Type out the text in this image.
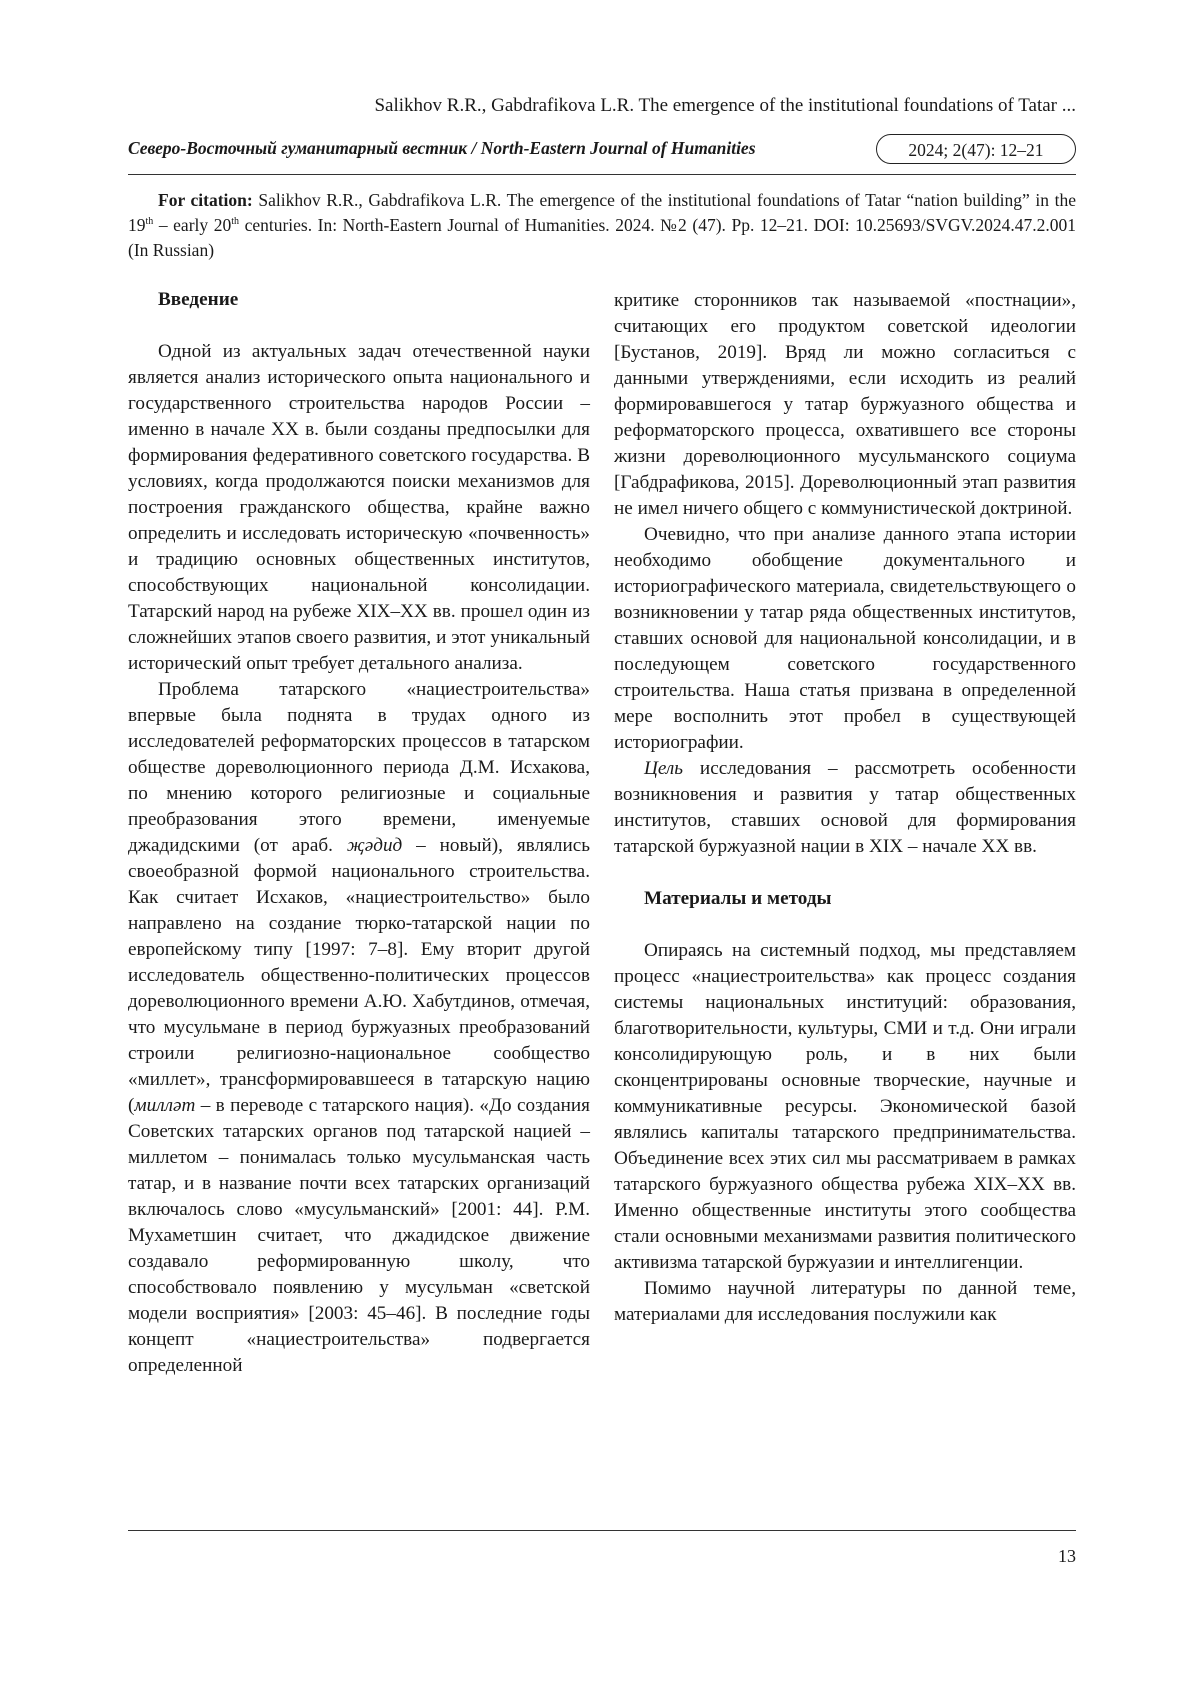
Salikhov R.R., Gabdrafikova L.R. The emergence of the institutional foundations of Tatar ...
Северо-Восточный гуманитарный вестник / North-Eastern Journal of Humanities	2024; 2(47): 12–21
For citation: Salikhov R.R., Gabdrafikova L.R. The emergence of the institutional foundations of Tatar “nation building” in the 19th – early 20th centuries. In: North-Eastern Journal of Humanities. 2024. №2 (47). Pp. 12–21. DOI: 10.25693/SVGV.2024.47.2.001 (In Russian)
Введение

Одной из актуальных задач отечественной науки является анализ исторического опыта национального и государственного строительства народов России – именно в начале XX в. были созданы предпосылки для формирования федеративного советского государства. В условиях, когда продолжаются поиски механизмов для построения гражданского общества, крайне важно определить и исследовать историческую «почвенность» и традицию основных общественных институтов, способствующих национальной консолидации. Татарский народ на рубеже XIX–XX вв. прошел один из сложнейших этапов своего развития, и этот уникальный исторический опыт требует детального анализа.

Проблема татарского «нациестроительства» впервые была поднята в трудах одного из исследователей реформаторских процессов в татарском обществе дореволюционного периода Д.М. Исхакова, по мнению которого религиозные и социальные преобразования этого времени, именуемые джадидскими (от араб. җәдид – новый), являлись своеобразной формой национального строительства. Как считает Исхаков, «нациестроительство» было направлено на создание тюрко-татарской нации по европейскому типу [1997: 7–8]. Ему вторит другой исследователь общественно-политических процессов дореволюционного времени А.Ю. Хабутдинов, отмечая, что мусульмане в период буржуазных преобразований строили религиозно-национальное сообщество «миллет», трансформировавшееся в татарскую нацию (милләт – в переводе с татарского нация). «До создания Советских татарских органов под татарской нацией – миллетом – понималась только мусульманская часть татар, и в название почти всех татарских организаций включалось слово «мусульманский» [2001: 44]. Р.М. Мухаметшин считает, что джадидское движение создавало реформированную школу, что способствовало появлению у мусульман «светской модели восприятия» [2003: 45–46]. В последние годы концепт «нациестроительства» подвергается определенной

критике сторонников так называемой «постнации», считающих его продуктом советской идеологии [Бустанов, 2019]. Вряд ли можно согласиться с данными утверждениями, если исходить из реалий формировавшегося у татар буржуазного общества и реформаторского процесса, охватившего все стороны жизни дореволюционного мусульманского социума [Габдрафикова, 2015]. Дореволюционный этап развития не имел ничего общего с коммунистической доктриной.

Очевидно, что при анализе данного этапа истории необходимо обобщение документального и историографического материала, свидетельствующего о возникновении у татар ряда общественных институтов, ставших основой для национальной консолидации, и в последующем советского государственного строительства. Наша статья призвана в определенной мере восполнить этот пробел в существующей историографии.

Цель исследования – рассмотреть особенности возникновения и развития у татар общественных институтов, ставших основой для формирования татарской буржуазной нации в XIX – начале XX вв.

Материалы и методы

Опираясь на системный подход, мы представляем процесс «нациестроительства» как процесс создания системы национальных институций: образования, благотворительности, культуры, СМИ и т.д. Они играли консолидирующую роль, и в них были сконцентрированы основные творческие, научные и коммуникативные ресурсы. Экономической базой являлись капиталы татарского предпринимательства. Объединение всех этих сил мы рассматриваем в рамках татарского буржуазного общества рубежа XIX–XX вв. Именно общественные институты этого сообщества стали основными механизмами развития политического активизма татарской буржуазии и интеллигенции.

Помимо научной литературы по данной теме, материалами для исследования послужили как

13
